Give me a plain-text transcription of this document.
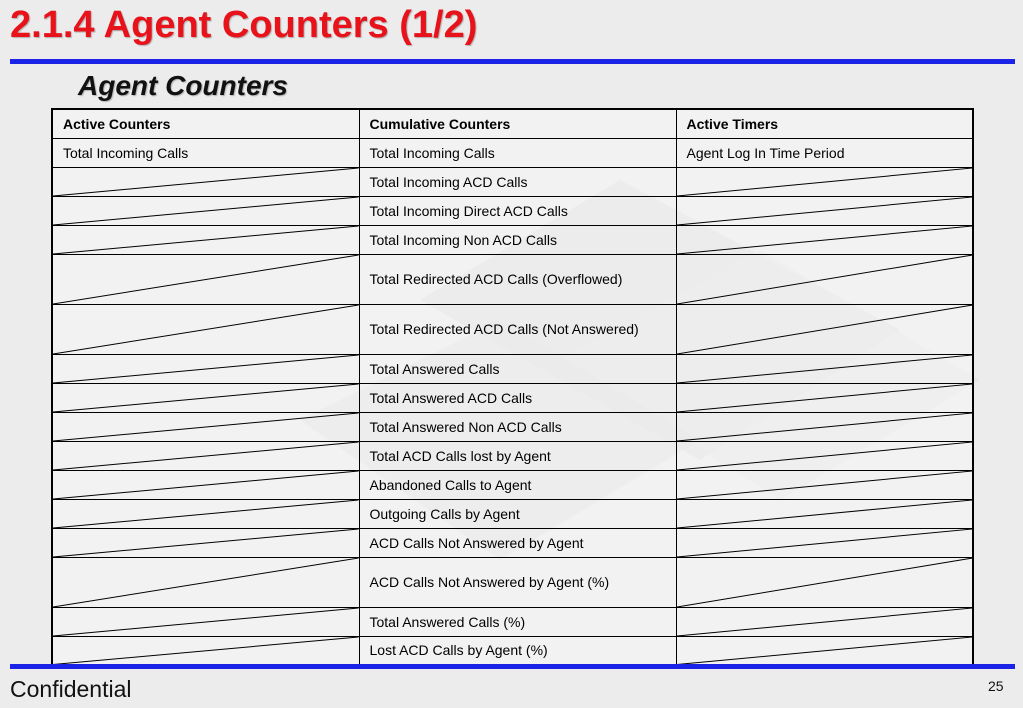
2.1.4 Agent Counters (1/2)
Agent Counters
Active Counters	Cumulative Counters	Active Timers
Total Incoming Calls	Total Incoming Calls	Agent Log In Time Period

	Total Incoming ACD Calls	

	Total Incoming Direct ACD Calls	

	Total Incoming Non ACD Calls	

	Total Redirected ACD Calls (Overflowed)	

	Total Redirected ACD Calls (Not Answered)	

	Total Answered Calls	

	Total Answered ACD Calls	

	Total Answered Non ACD Calls	

	Total ACD Calls lost by Agent	

	Abandoned Calls to Agent	

	Outgoing Calls by Agent	

	ACD Calls Not Answered by Agent	

	ACD Calls Not Answered by Agent (%)	

	Total Answered Calls (%)	

	Lost ACD Calls by Agent (%)	

Confidential	25
